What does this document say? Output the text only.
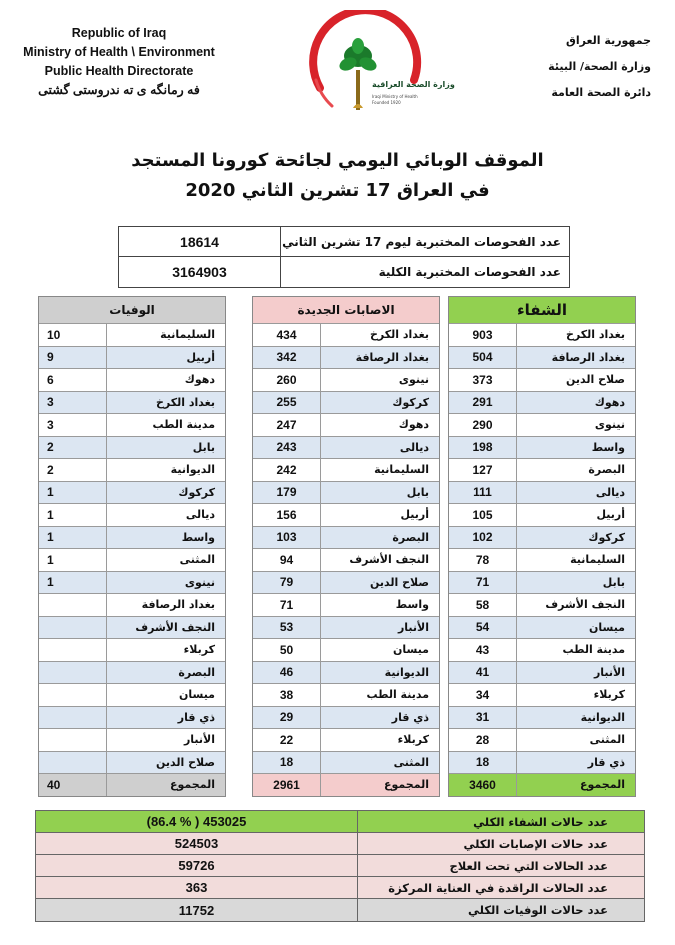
Republic of Iraq
Ministry of Health \ Environment
Public Health Directorate
فه رمانگه ى ته ندروستى گشتى	وزارة الصحة العراقية
Iraqi Ministry of Health
Founded 1920
جمهورية العراق
وزارة الصحة/ البيئة
دائرة الصحة العامة
الموقف الوبائي اليومي لجائحة كورونا المستجد
في العراق 17 تشرين الثاني 2020
18614	عدد الفحوصات المختبرية ليوم 17 تشرين الثاني
3164903	عدد الفحوصات المختبرية الكلية
الوفيات
10	السليمانية
9	أربيل
6	دهوك
3	بغداد الكرخ
3	مدينة الطب
2	بابل
2	الديوانية
1	كركوك
1	ديالى
1	واسط
1	المثنى
1	نينوى
بغداد الرصافة
النجف الأشرف
كربلاء
البصرة
ميسان
ذي قار
الأنبار
صلاح الدين
40	المجموع
الاصابات الجديدة
434	بغداد الكرخ
342	بغداد الرصافة
260	نينوى
255	كركوك
247	دهوك
243	ديالى
242	السليمانية
179	بابل
156	أربيل
103	البصرة
94	النجف الأشرف
79	صلاح الدين
71	واسط
53	الأنبار
50	ميسان
46	الديوانية
38	مدينة الطب
29	ذي قار
22	كربلاء
18	المثنى
2961	المجموع
الشفاء
903	بغداد الكرخ
504	بغداد الرصافة
373	صلاح الدين
291	دهوك
290	نينوى
198	واسط
127	البصرة
111	ديالى
105	أربيل
102	كركوك
78	السليمانية
71	بابل
58	النجف الأشرف
54	ميسان
43	مدينة الطب
41	الأنبار
34	كربلاء
31	الديوانية
28	المثنى
18	ذي قار
3460	المجموع
(86.4 % ) 453025	عدد حالات الشفاء الكلي
524503	عدد حالات الإصابات الكلي
59726	عدد الحالات التي تحت العلاج
363	عدد الحالات الراقدة في العناية المركزة
11752	عدد حالات الوفيات الكلي
